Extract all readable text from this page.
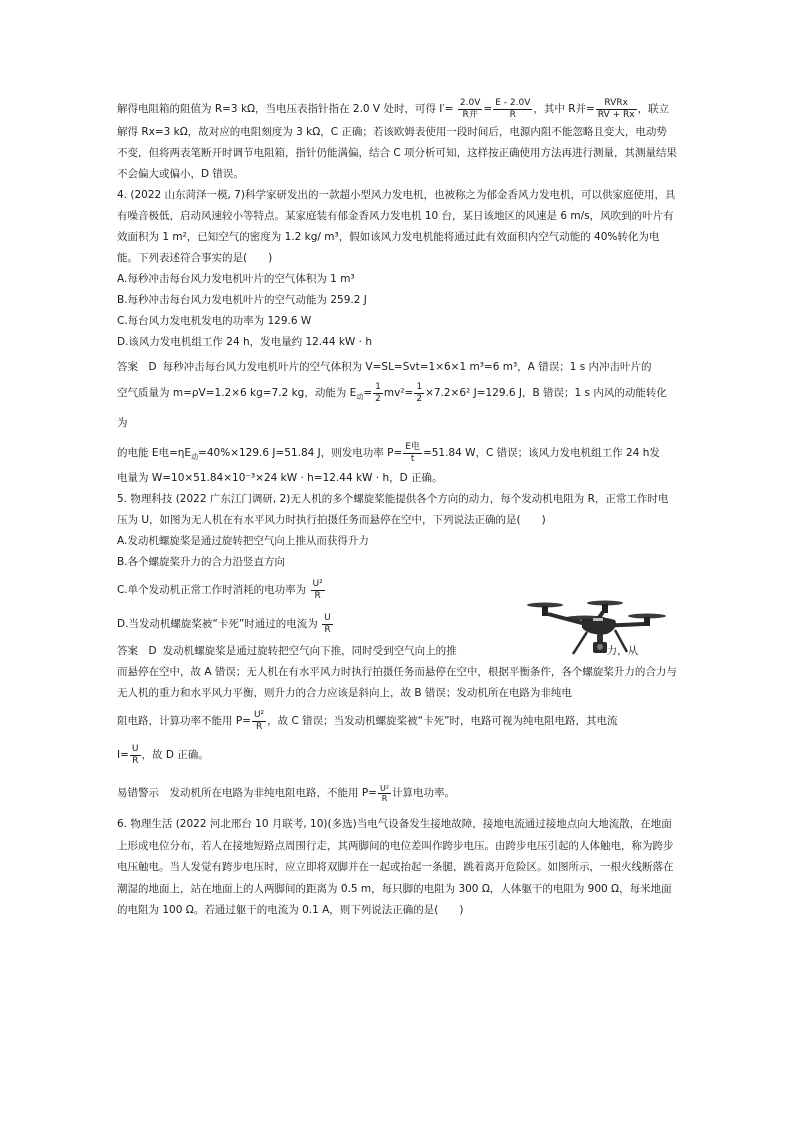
解得电阻箱的阻值为 R=3 kΩ，当电压表指针指在 2.0 V 处时，可得 $I'= \frac{2.0V}{\text{R并}} = \frac{E - 2.0V}{R}$ ，其中 R并= $\frac{\text{RVRx}}{RV + Rx}$ ，联立

解得 Rx=3 kΩ，故对应的电阻刻度为 3 kΩ，C 正确；若该欧姆表使用一段时间后，电源内阻不能忽略且变大，电动势不变，但将两表笔断开时调节电阻箱，指针仍能满偏，结合 C 项分析可知，这样按正确使用方法再进行测量，其测量结果不会偏大或偏小，D 错误。

4. (2022 山东菏泽一模, 7)科学家研发出的一款超小型风力发电机，也被称之为郁金香风力发电机，可以供家庭使用，具有噪音极低，启动风速较小等特点。某家庭装有郁金香风力发电机 10 台，某日该地区的风速是 6 m/s，风吹到的叶片有效面积为 1 m²，已知空气的密度为 1.2 kg/ m³，假如该风力发电机能将通过此有效面积内空气动能的 40%转化为电能。下列表述符合事实的是(　　)

A.每秒冲击每台风力发电机叶片的空气体积为 1 m³

B.每秒冲击每台风力发电机叶片的空气动能为 259.2 J

C.每台风力发电机发电的功率为 129.6 W

D.该风力发电机组工作 24 h，发电量约 12.44 kW · h

答案　D 每秒冲击每台风力发电机叶片的空气体积为 V=SL=Svt=1×6×1 m³=6 m³，A 错误；1 s 内冲击叶片的

空气质量为 m=ρV=1.2×6 kg=7.2 kg，动能为 $E_动= \frac{1}{2} mv^2= \frac{1}{2} \times 7.2\times 6^2$ J=129.6 J，B 错误；1 s 内风的动能转化为

的电能 E电$=\eta E_动=40\%\times 129.6$ J=51.84 J，则发电功率 $P= \frac{\text{E电}}{t} =51.84$ W，C 错误；该风力发电机组工作 24 h发

电量为 W=10×51.84×10⁻³×24 kW · h=12.44 kW · h，D 正确。

5. 物理科技 (2022 广东江门调研, 2)无人机的多个螺旋桨能提供各个方向的动力，每个发动机电阻为 R，正常工作时电压为 U，如图为无人机在有水平风力时执行拍摄任务而悬停在空中，下列说法正确的是(　　)

A.发动机螺旋桨是通过旋转把空气向上推从而获得升力

B.各个螺旋桨升力的合力沿竖直方向

C.单个发动机正常工作时消耗的电功率为 $\frac{\text{U²}}{R}$

D.当发动机螺旋桨被“卡死”时通过的电流为 $\frac{U}{R}$

答案　D 发动机螺旋桨是通过旋转把空气向下推，同时受到空气向上的推	力，从

而悬停在空中，故 A 错误；无人机在有水平风力时执行拍摄任务而悬停在空中，根据平衡条件，各个螺旋桨升力的合力与无人机的重力和水平风力平衡，则升力的合力应该是斜向上，故 B 错误；发动机所在电路为非纯电

阻电路，计算功率不能用 $P= \frac{\text{U²}}{R}$ ，故 C 错误；当发动机螺旋桨被“卡死”时，电路可视为纯电阻电路，其电流

$I= \frac{U}{R}$ ，故 D 正确。

易错警示　发动机所在电路为非纯电阻电路，不能用 $P= \frac{\text{U²}}{R}$ 计算电功率。

6. 物理生活 (2022 河北邢台 10 月联考, 10)(多选)当电气设备发生接地故障，接地电流通过接地点向大地流散，在地面上形成电位分布，若人在接地短路点周围行走，其两脚间的电位差叫作跨步电压。由跨步电压引起的人体触电，称为跨步电压触电。当人发觉有跨步电压时，应立即将双脚并在一起或抬起一条腿，跳着离开危险区。如图所示，一根火线断落在潮湿的地面上，站在地面上的人两脚间的距离为 0.5 m，每只脚的电阻为 300 Ω，人体躯干的电阻为 900 Ω，每米地面的电阻为 100 Ω。若通过躯干的电流为 0.1 A，则下列说法正确的是(　　)
